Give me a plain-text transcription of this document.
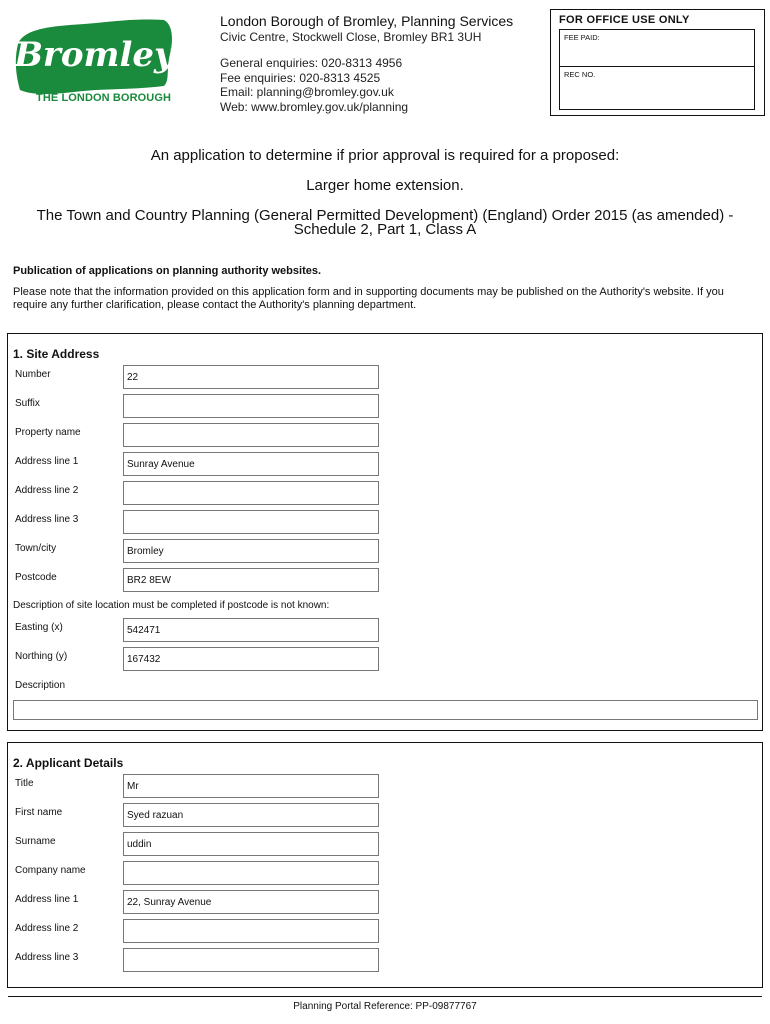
Bromley
THE LONDON BOROUGH
London Borough of Bromley, Planning Services
Civic Centre, Stockwell Close, Bromley BR1 3UH
General enquiries: 020-8313 4956
Fee enquiries: 020-8313 4525
Email: planning@bromley.gov.uk
Web: www.bromley.gov.uk/planning
FOR OFFICE USE ONLY
FEE PAID:
REC NO.
An application to determine if prior approval is required for a proposed:
Larger home extension.
The Town and Country Planning (General Permitted Development) (England) Order 2015 (as amended) -
Schedule 2, Part 1, Class A
Publication of applications on planning authority websites.
Please note that the information provided on this application form and in supporting documents may be published on the Authority's website. If you require any further clarification, please contact the Authority's planning department.
1. Site Address
Number	22
Suffix
Property name
Address line 1	Sunray Avenue
Address line 2
Address line 3
Town/city	Bromley
Postcode	BR2 8EW
Description of site location must be completed if postcode is not known:
Easting (x)	542471
Northing (y)	167432
Description
2. Applicant Details
Title	Mr
First name	Syed razuan
Surname	uddin
Company name
Address line 1	22, Sunray Avenue
Address line 2
Address line 3
Planning Portal Reference: PP-09877767
